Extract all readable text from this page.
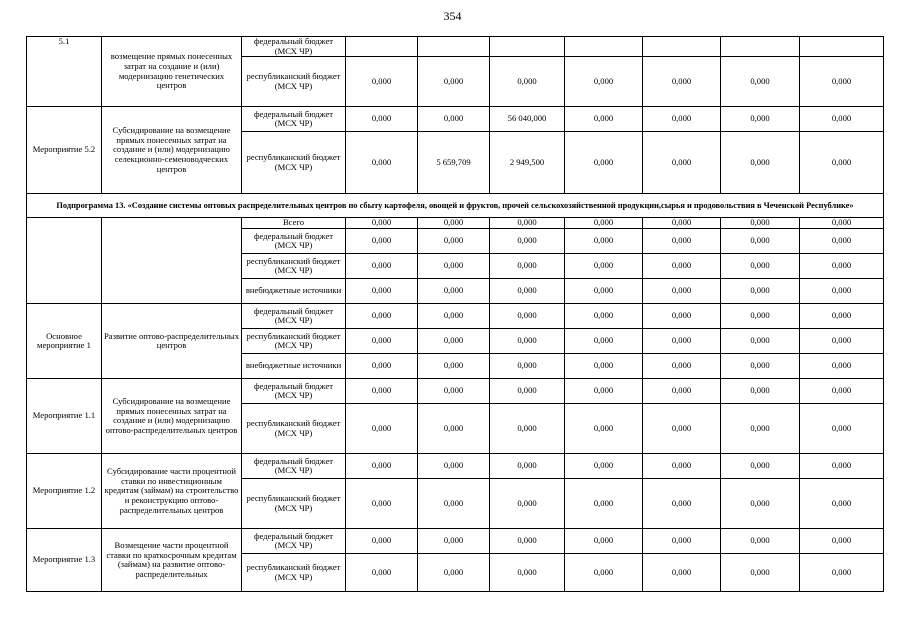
354
5.1	возмещение прямых понесенных затрат на создание и (или) модернизацию генетических центров	федеральный бюджет (МСХ ЧР)							
		республиканский бюджет (МСХ ЧР)	0,000	0,000	0,000	0,000	0,000	0,000	0,000
Мероприятие 5.2	Субсидирование на возмещение прямых понесенных затрат на создание и (или) модернизацию селекционно-семеноводческих центров	федеральный бюджет (МСХ ЧР)	0,000	0,000	56 040,000	0,000	0,000	0,000	0,000
		республиканский бюджет (МСХ ЧР)	0,000	5 659,709	2 949,500	0,000	0,000	0,000	0,000
Подпрограмма 13. «Создание системы оптовых распределительных центров по сбыту картофеля, овощей и фруктов, прочей сельскохозяйственной продукции,сырья и продовольствия в Чеченской Республике»									
		Всего	0,000	0,000	0,000	0,000	0,000	0,000	0,000
		федеральный бюджет (МСХ ЧР)	0,000	0,000	0,000	0,000	0,000	0,000	0,000
		республиканский бюджет (МСХ ЧР)	0,000	0,000	0,000	0,000	0,000	0,000	0,000
		внебюджетные источники	0,000	0,000	0,000	0,000	0,000	0,000	0,000
Основное мероприятие 1	Развитие оптово-распределительных центров	федеральный бюджет (МСХ ЧР)	0,000	0,000	0,000	0,000	0,000	0,000	0,000
		республиканский бюджет (МСХ ЧР)	0,000	0,000	0,000	0,000	0,000	0,000	0,000
		внебюджетные источники	0,000	0,000	0,000	0,000	0,000	0,000	0,000
Мероприятие 1.1	Субсидирование на возмещение прямых понесенных затрат на создание и (или) модернизацию оптово-распределительных центров	федеральный бюджет (МСХ ЧР)	0,000	0,000	0,000	0,000	0,000	0,000	0,000
		республиканский бюджет (МСХ ЧР)	0,000	0,000	0,000	0,000	0,000	0,000	0,000
Мероприятие 1.2	Субсидирование части процентной ставки по инвестиционным кредитам (займам) на строительство и реконструкцию оптово-распределительных центров	федеральный бюджет (МСХ ЧР)	0,000	0,000	0,000	0,000	0,000	0,000	0,000
		республиканский бюджет (МСХ ЧР)	0,000	0,000	0,000	0,000	0,000	0,000	0,000
Мероприятие 1.3	Возмещение части процентной ставки по краткосрочным кредитам (займам) на развитие оптово- распределительных	федеральный бюджет (МСХ ЧР)	0,000	0,000	0,000	0,000	0,000	0,000	0,000
		республиканский бюджет (МСХ ЧР)	0,000	0,000	0,000	0,000	0,000	0,000	0,000
